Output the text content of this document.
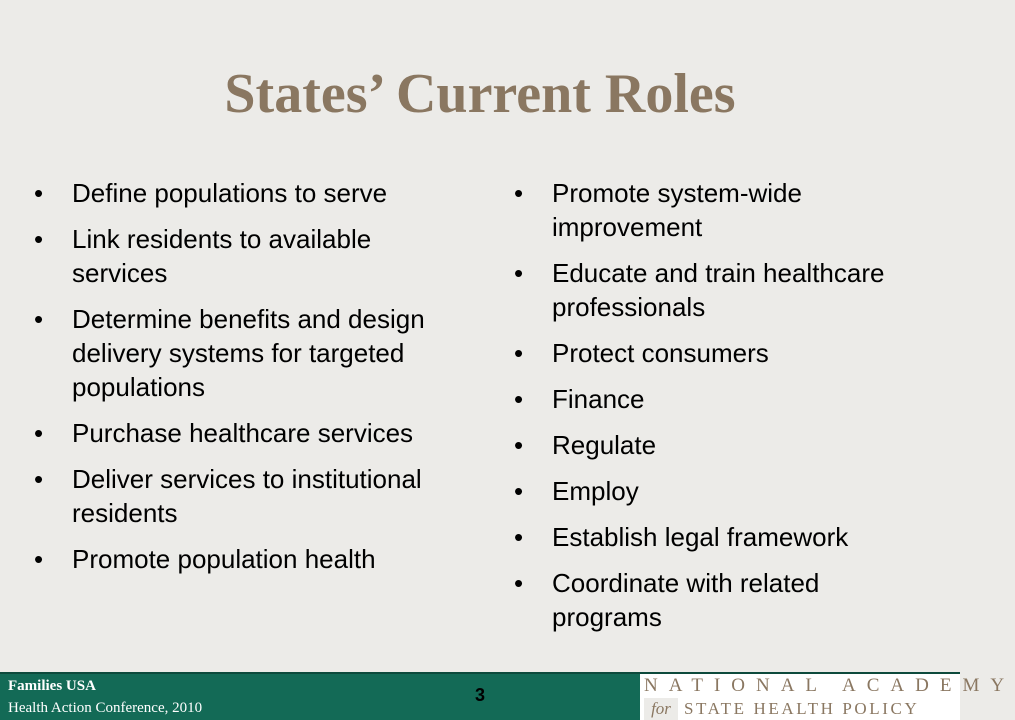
States’ Current Roles
•	Define populations to serve
•	Link residents to available services
•	Determine benefits and design delivery systems for targeted populations
•	Purchase healthcare services
•	Deliver services to institutional residents
•	Promote population health
•	Promote system-wide improvement
•	Educate and train healthcare professionals
•	Protect consumers
•	Finance
•	Regulate
•	Employ
•	Establish legal framework
•	Coordinate with related programs
Families USA
Health Action Conference, 2010
3	NATIONAL ACADEMY
for STATE HEALTH POLICY
